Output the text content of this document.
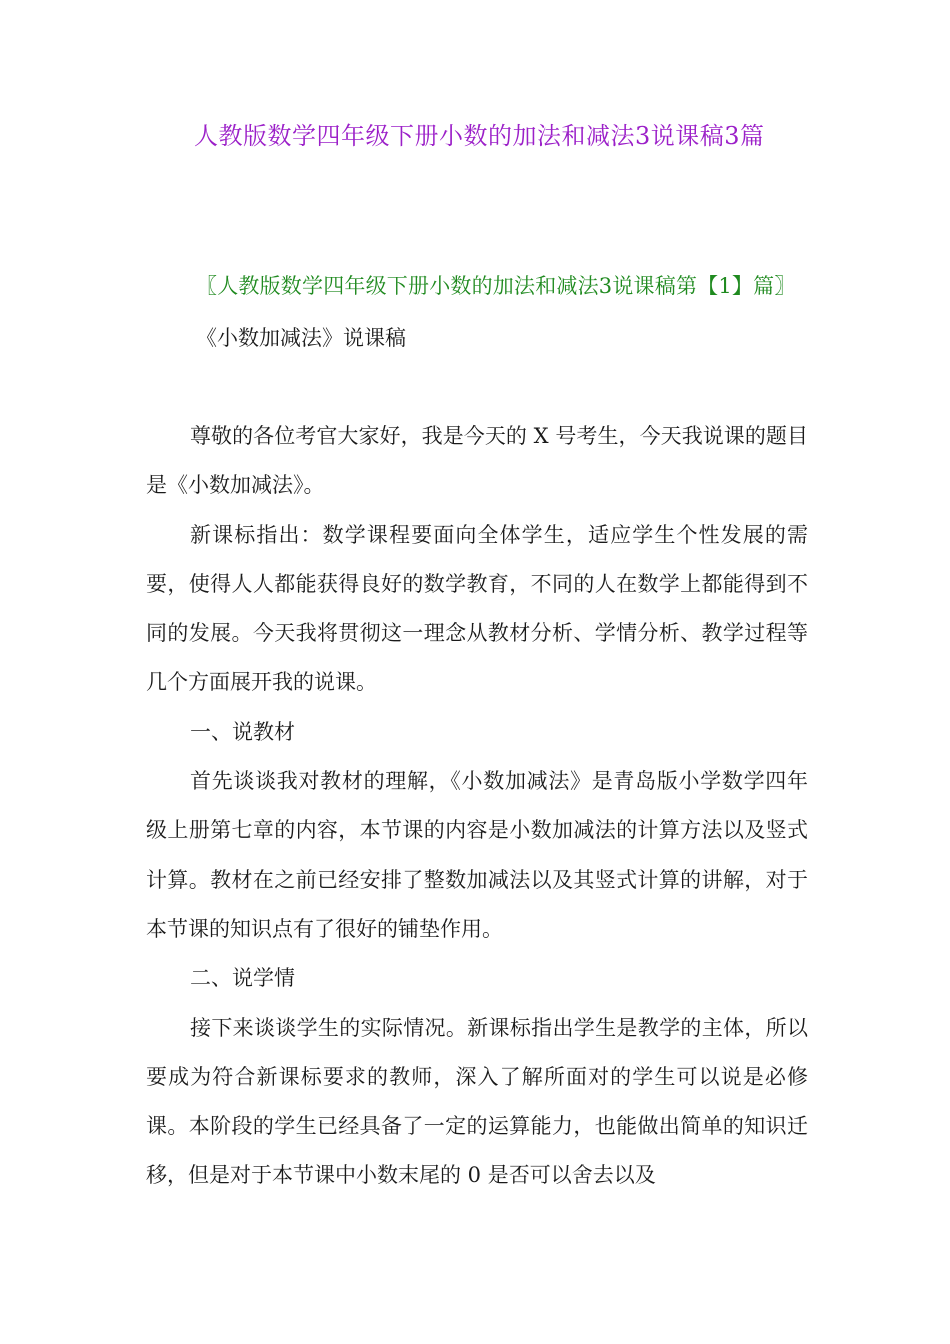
人教版数学四年级下册小数的加法和减法3说课稿3篇
〖人教版数学四年级下册小数的加法和减法3说课稿第【1】篇〗
《小数加减法》说课稿

尊敬的各位考官大家好，我是今天的 X 号考生，今天我说课的题目是《小数加减法》。

新课标指出：数学课程要面向全体学生，适应学生个性发展的需要，使得人人都能获得良好的数学教育，不同的人在数学上都能得到不同的发展。今天我将贯彻这一理念从教材分析、学情分析、教学过程等几个方面展开我的说课。

一、说教材

首先谈谈我对教材的理解，《小数加减法》是青岛版小学数学四年级上册第七章的内容，本节课的内容是小数加减法的计算方法以及竖式计算。教材在之前已经安排了整数加减法以及其竖式计算的讲解，对于本节课的知识点有了很好的铺垫作用。

二、说学情

接下来谈谈学生的实际情况。新课标指出学生是教学的主体，所以要成为符合新课标要求的教师，深入了解所面对的学生可以说是必修课。本阶段的学生已经具备了一定的运算能力，也能做出简单的知识迁移，但是对于本节课中小数末尾的 0 是否可以舍去以及
